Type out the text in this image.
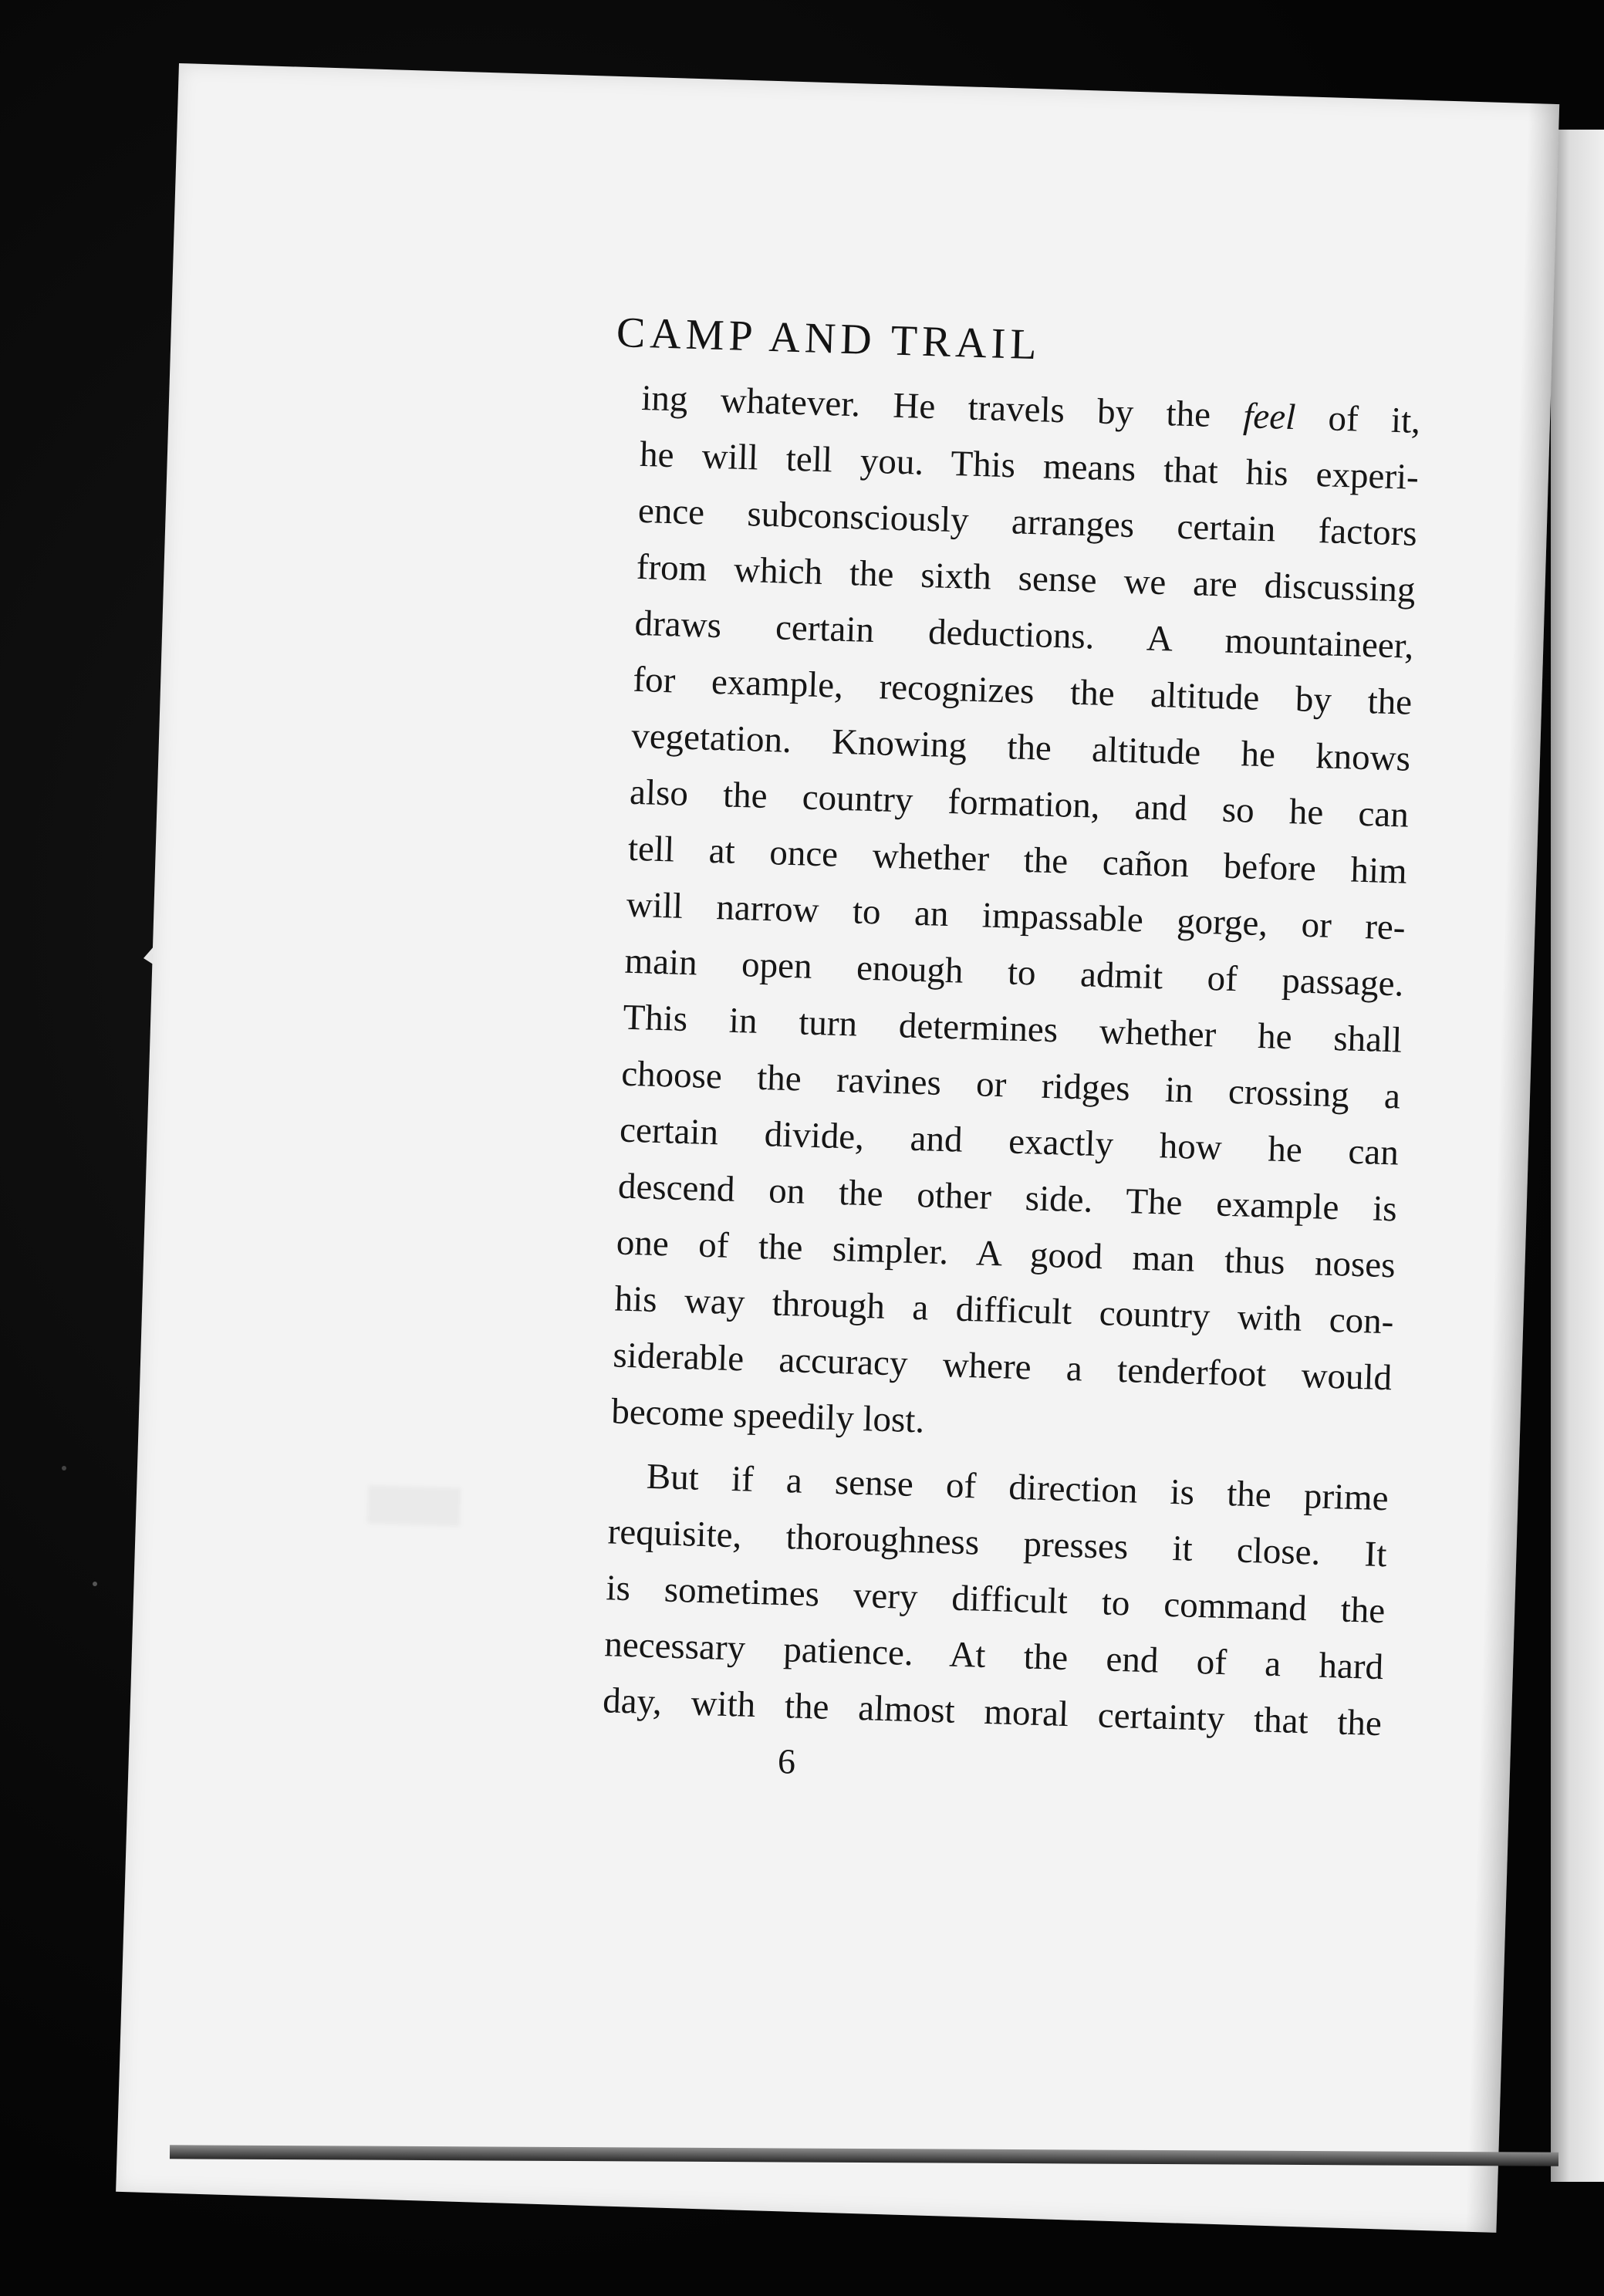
CAMP AND TRAIL
ing whatever. He travels by the feel of it,
he will tell you. This means that his experi-
ence subconsciously arranges certain factors
from which the sixth sense we are discussing
draws certain deductions. A mountaineer,
for example, recognizes the altitude by the
vegetation. Knowing the altitude he knows
also the country formation, and so he can
tell at once whether the cañon before him
will narrow to an impassable gorge, or re-
main open enough to admit of passage.
This in turn determines whether he shall
choose the ravines or ridges in crossing a
certain divide, and exactly how he can
descend on the other side. The example is
one of the simpler. A good man thus noses
his way through a difficult country with con-
siderable accuracy where a tenderfoot would
become speedily lost.
But if a sense of direction is the prime
requisite, thoroughness presses it close. It
is sometimes very difficult to command the
necessary patience. At the end of a hard
day, with the almost moral certainty that the
6
